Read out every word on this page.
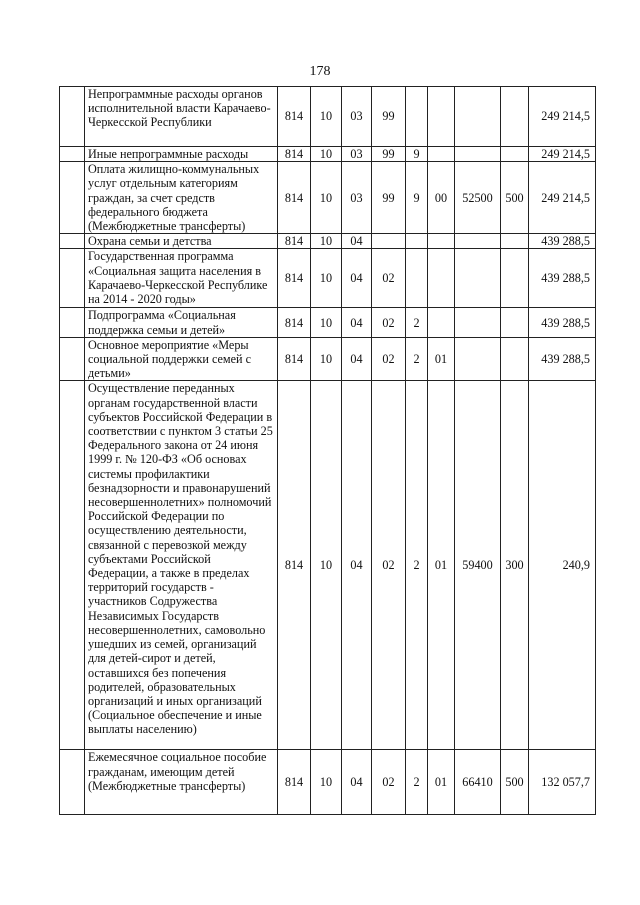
178
	Непрограммные расходы органов исполнительной власти Карачаево-Черкесской Республики	814	10	03	99					249 214,5
	Иные непрограммные расходы	814	10	03	99	9				249 214,5
	Оплата жилищно-коммунальных услуг отдельным категориям граждан, за счет средств федерального бюджета (Межбюджетные трансферты)	814	10	03	99	9	00	52500	500	249 214,5
	Охрана семьи и детства	814	10	04						439 288,5
	Государственная программа «Социальная защита населения в Карачаево-Черкесской Республике на 2014 - 2020 годы»	814	10	04	02					439 288,5
	Подпрограмма «Социальная поддержка семьи и детей»	814	10	04	02	2				439 288,5
	Основное мероприятие «Меры социальной поддержки семей с детьми»	814	10	04	02	2	01			439 288,5
	Осуществление переданных органам государственной власти субъектов Российской Федерации в соответствии с пунктом 3 статьи 25 Федерального закона от 24 июня 1999 г. № 120-ФЗ «Об основах системы профилактики безнадзорности и правонарушений несовершеннолетних» полномочий Российской Федерации по осуществлению деятельности, связанной с перевозкой между субъектами Российской Федерации, а также в пределах территорий государств - участников Содружества Независимых Государств несовершеннолетних, самовольно ушедших из семей, организаций для детей-сирот и детей, оставшихся без попечения родителей, образовательных организаций и иных организаций (Социальное обеспечение и иные выплаты населению)	814	10	04	02	2	01	59400	300	240,9
	Ежемесячное социальное пособие гражданам, имеющим детей (Межбюджетные трансферты)	814	10	04	02	2	01	66410	500	132 057,7
